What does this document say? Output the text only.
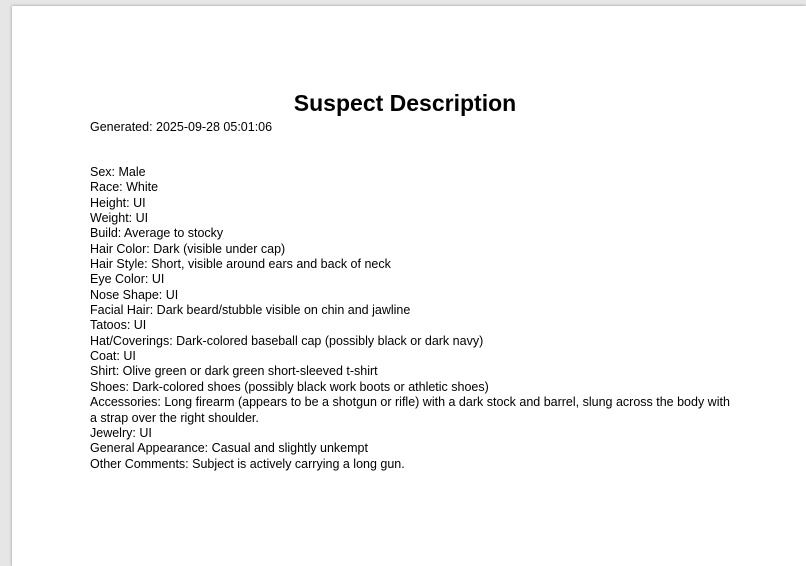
Suspect Description
Generated: 2025-09-28 05:01:06
Sex: Male
Race: White
Height: UI
Weight: UI
Build: Average to stocky
Hair Color: Dark (visible under cap)
Hair Style: Short, visible around ears and back of neck
Eye Color: UI
Nose Shape: UI
Facial Hair: Dark beard/stubble visible on chin and jawline
Tatoos: UI
Hat/Coverings: Dark-colored baseball cap (possibly black or dark navy)
Coat: UI
Shirt: Olive green or dark green short-sleeved t-shirt
Shoes: Dark-colored shoes (possibly black work boots or athletic shoes)
Accessories: Long firearm (appears to be a shotgun or rifle) with a dark stock and barrel, slung across the body with a strap over the right shoulder.
Jewelry: UI
General Appearance: Casual and slightly unkempt
Other Comments: Subject is actively carrying a long gun.
